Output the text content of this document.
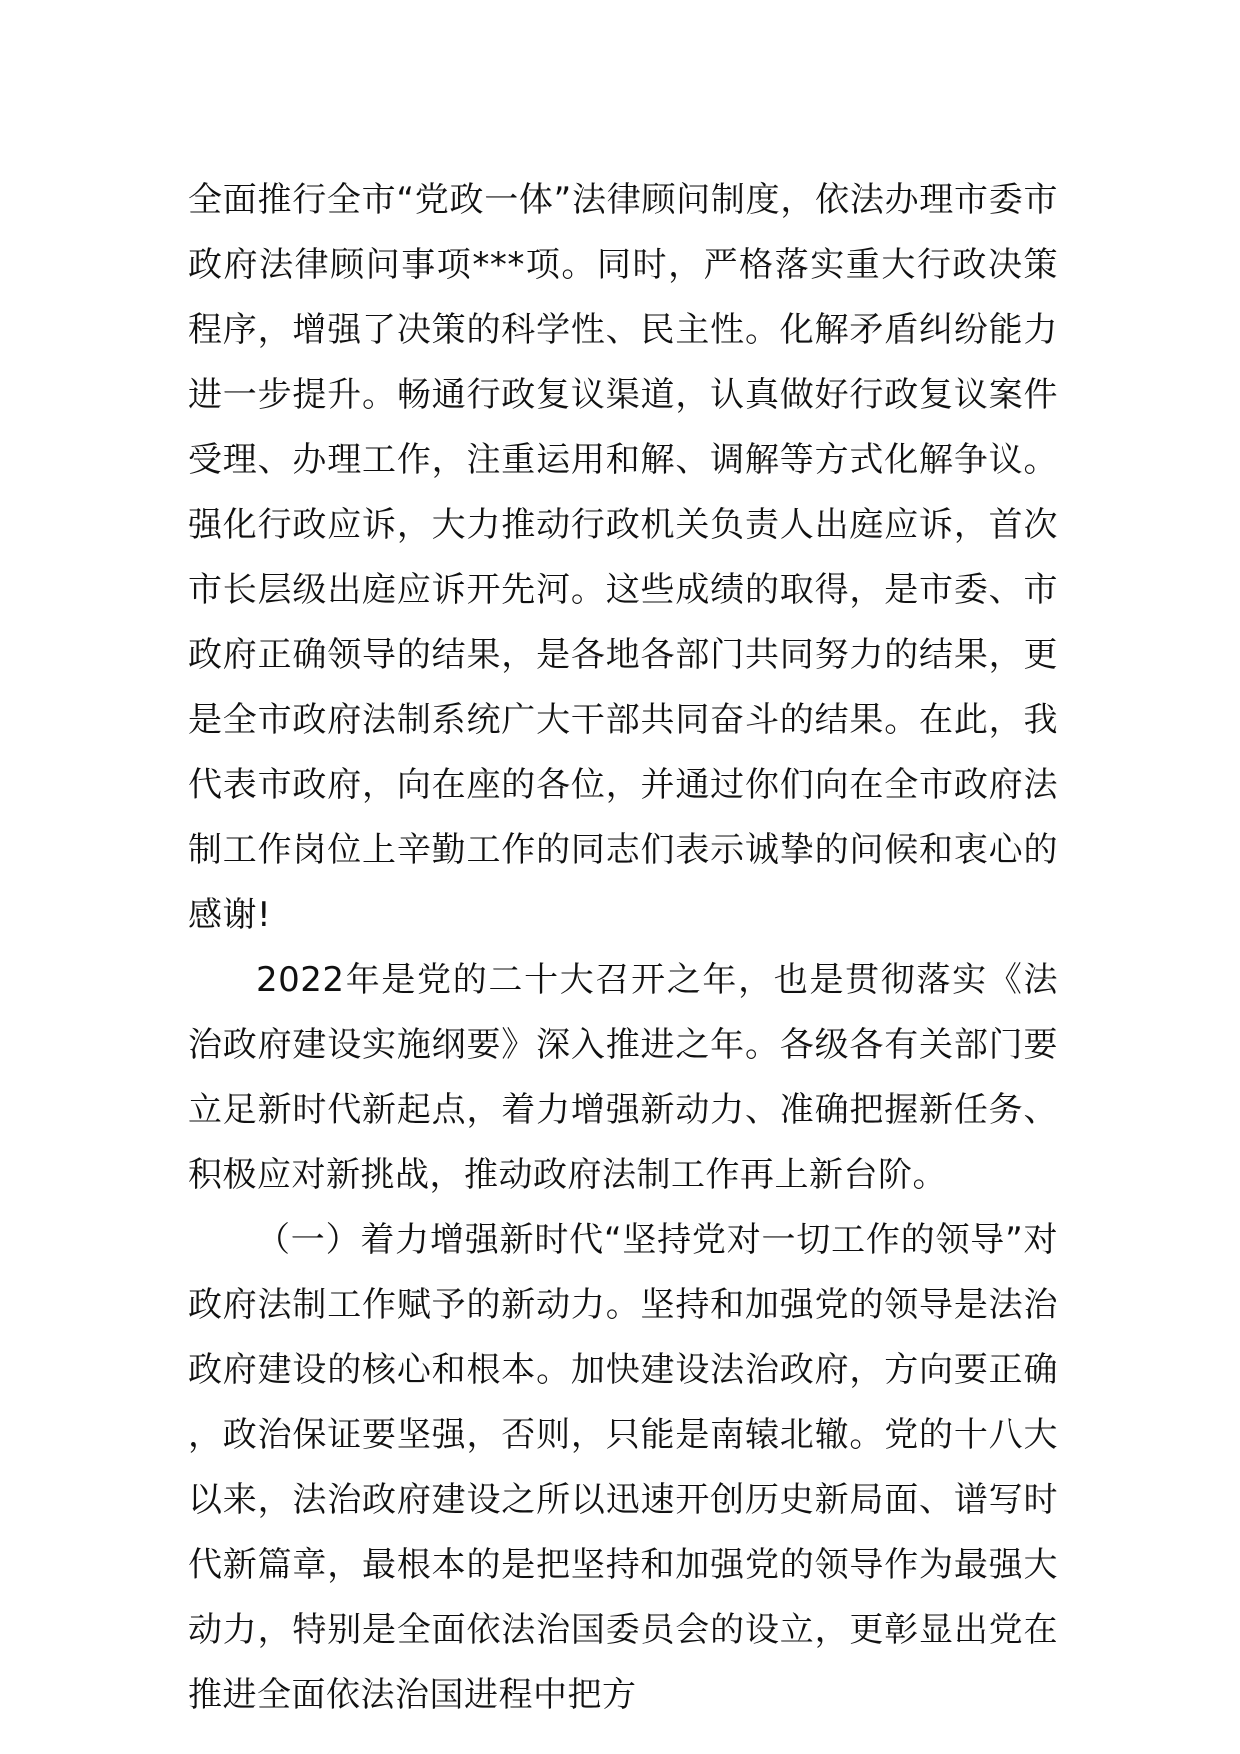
全面推行全市“党政一体”法律顾问制度，依法办理市委市政府法律顾问事项***项。同时，严格落实重大行政决策程序，增强了决策的科学性、民主性。化解矛盾纠纷能力进一步提升。畅通行政复议渠道，认真做好行政复议案件受理、办理工作，注重运用和解、调解等方式化解争议。强化行政应诉，大力推动行政机关负责人出庭应诉，首次市长层级出庭应诉开先河。这些成绩的取得，是市委、市政府正确领导的结果，是各地各部门共同努力的结果，更是全市政府法制系统广大干部共同奋斗的结果。在此，我代表市政府，向在座的各位，并通过你们向在全市政府法制工作岗位上辛勤工作的同志们表示诚挚的问候和衷心的感谢!

2022年是党的二十大召开之年，也是贯彻落实《法治政府建设实施纲要》深入推进之年。各级各有关部门要立足新时代新起点，着力增强新动力、准确把握新任务、积极应对新挑战，推动政府法制工作再上新台阶。

（一）着力增强新时代“坚持党对一切工作的领导”对政府法制工作赋予的新动力。坚持和加强党的领导是法治政府建设的核心和根本。加快建设法治政府，方向要正确，政治保证要坚强，否则，只能是南辕北辙。党的十八大以来，法治政府建设之所以迅速开创历史新局面、谱写时代新篇章，最根本的是把坚持和加强党的领导作为最强大动力，特别是全面依法治国委员会的设立，更彰显出党在推进全面依法治国进程中把方
